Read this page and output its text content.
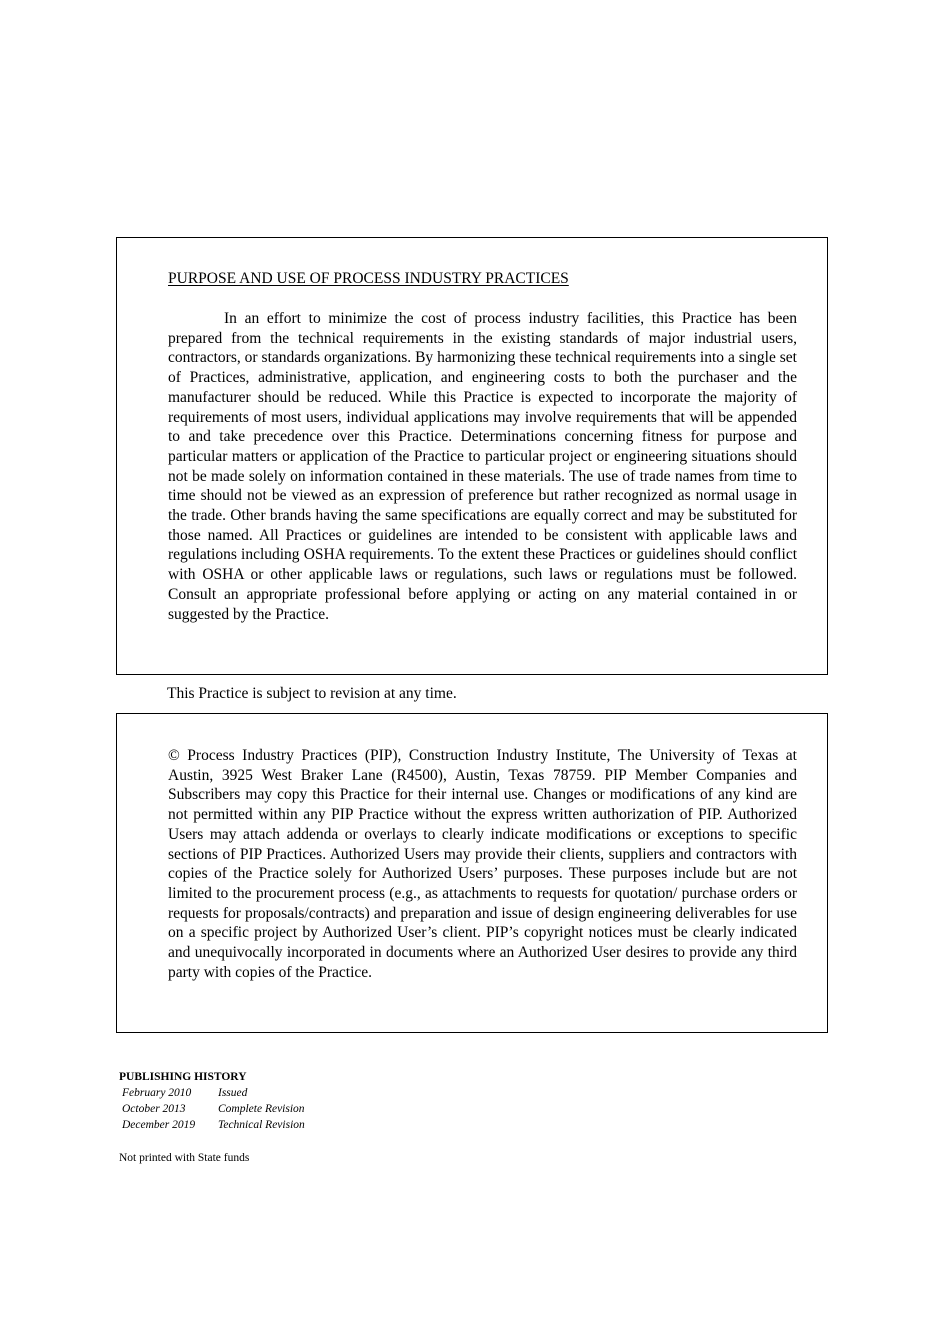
PURPOSE AND USE OF PROCESS INDUSTRY PRACTICES

In an effort to minimize the cost of process industry facilities, this Practice has been prepared from the technical requirements in the existing standards of major industrial users, contractors, or standards organizations. By harmonizing these technical requirements into a single set of Practices, administrative, application, and engineering costs to both the purchaser and the manufacturer should be reduced. While this Practice is expected to incorporate the majority of requirements of most users, individual applications may involve requirements that will be appended to and take precedence over this Practice. Determinations concerning fitness for purpose and particular matters or application of the Practice to particular project or engineering situations should not be made solely on information contained in these materials. The use of trade names from time to time should not be viewed as an expression of preference but rather recognized as normal usage in the trade. Other brands having the same specifications are equally correct and may be substituted for those named. All Practices or guidelines are intended to be consistent with applicable laws and regulations including OSHA requirements. To the extent these Practices or guidelines should conflict with OSHA or other applicable laws or regulations, such laws or regulations must be followed. Consult an appropriate professional before applying or acting on any material contained in or suggested by the Practice.

This Practice is subject to revision at any time.

© Process Industry Practices (PIP), Construction Industry Institute, The University of Texas at Austin, 3925 West Braker Lane (R4500), Austin, Texas 78759. PIP Member Companies and Subscribers may copy this Practice for their internal use. Changes or modifications of any kind are not permitted within any PIP Practice without the express written authorization of PIP. Authorized Users may attach addenda or overlays to clearly indicate modifications or exceptions to specific sections of PIP Practices. Authorized Users may provide their clients, suppliers and contractors with copies of the Practice solely for Authorized Users’ purposes. These purposes include but are not limited to the procurement process (e.g., as attachments to requests for quotation/ purchase orders or requests for proposals/contracts) and preparation and issue of design engineering deliverables for use on a specific project by Authorized User’s client. PIP’s copyright notices must be clearly indicated and unequivocally incorporated in documents where an Authorized User desires to provide any third party with copies of the Practice.

PUBLISHING HISTORY

February 2010	Issued
October 2013	Complete Revision
December 2019	Technical Revision

Not printed with State funds
